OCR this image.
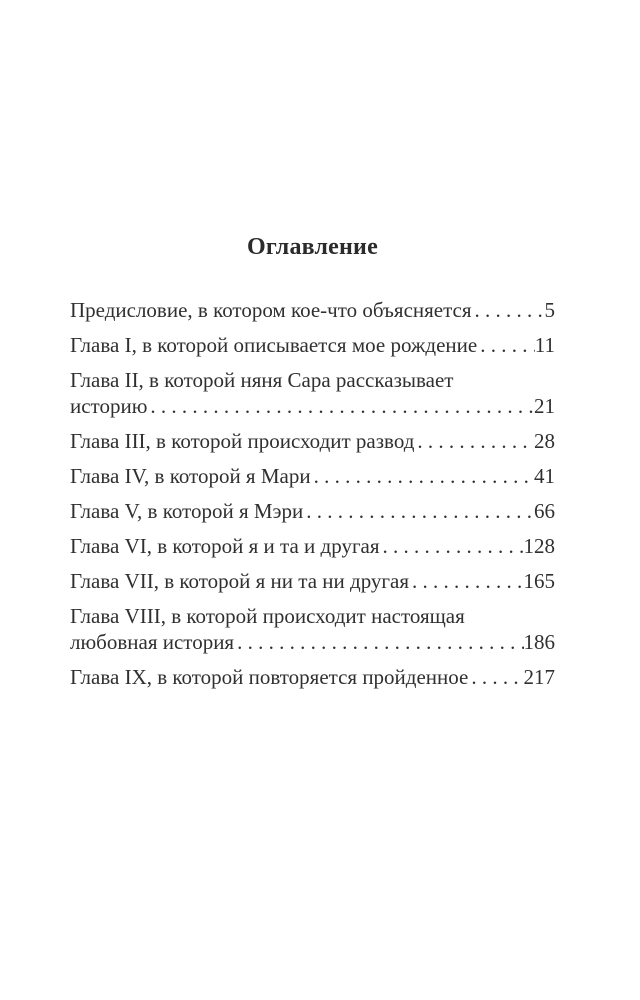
Оглавление
Предисловие, в котором кое-что объясняется . . .	5
Глава I, в которой описывается мое рождение . . .	11
Глава II, в которой няня Сара рассказывает
историю . . .	21
Глава III, в которой происходит развод . . .	28
Глава IV, в которой я Мари . . .	41
Глава V, в которой я Мэри . . .	66
Глава VI, в которой я и та и другая . . .	128
Глава VII, в которой я ни та ни другая . . .	165
Глава VIII, в которой происходит настоящая
любовная история . . .	186
Глава IX, в которой повторяется пройденное . . .	217
